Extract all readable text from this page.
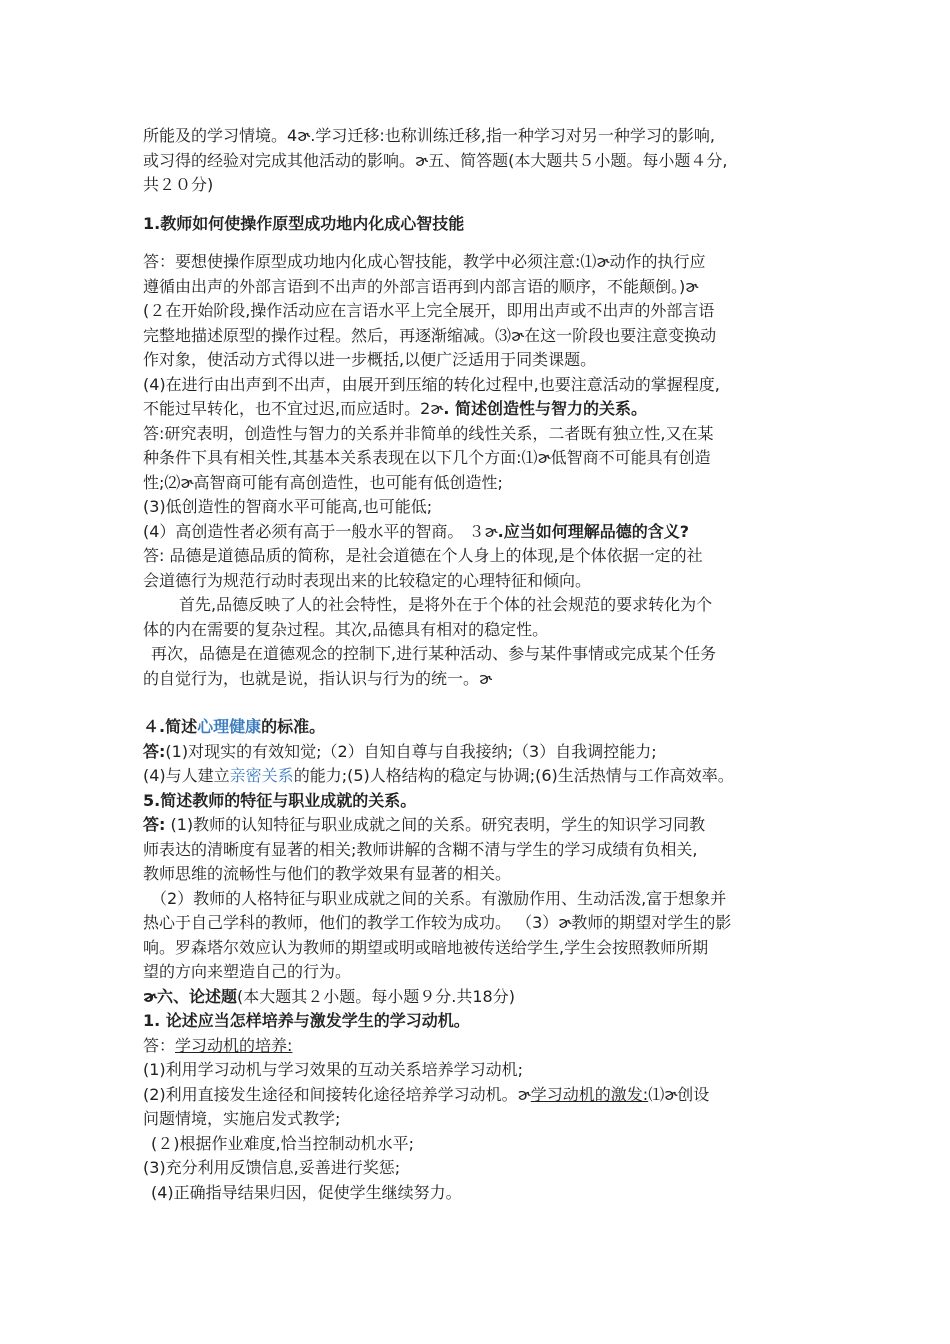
所能及的学习情境。4ɚ.学习迁移:也称训练迁移,指一种学习对另一种学习的影响,

或习得的经验对完成其他活动的影响。ɚ五、简答题(本大题共５小题。每小题４分,

共２０分)

1.教师如何使操作原型成功地内化成心智技能

答：要想使操作原型成功地内化成心智技能，教学中必须注意:⑴ɚ动作的执行应

遵循由出声的外部言语到不出声的外部言语再到内部言语的顺序，不能颠倒。)ɚ

(２在开始阶段,操作活动应在言语水平上完全展开，即用出声或不出声的外部言语

完整地描述原型的操作过程。然后，再逐渐缩减。⑶ɚ在这一阶段也要注意变换动

作对象，使活动方式得以进一步概括,以便广泛适用于同类课题。

(4)在进行由出声到不出声，由展开到压缩的转化过程中,也要注意活动的掌握程度,

不能过早转化，也不宜过迟,而应适时。2ɚ. 简述创造性与智力的关系。

答:研究表明，创造性与智力的关系并非简单的线性关系，二者既有独立性,又在某

种条件下具有相关性,其基本关系表现在以下几个方面:⑴ɚ低智商不可能具有创造

性;⑵ɚ高智商可能有高创造性，也可能有低创造性;

(3)低创造性的智商水平可能高,也可能低;

(4）高创造性者必须有高于一般水平的智商。 ３ɚ.应当如何理解品德的含义?

答: 品德是道德品质的简称，是社会道德在个人身上的体现,是个体依据一定的社

会道德行为规范行动时表现出来的比较稳定的心理特征和倾向。

首先,品德反映了人的社会特性，是将外在于个体的社会规范的要求转化为个

体的内在需要的复杂过程。其次,品德具有相对的稳定性。

再次，品德是在道德观念的控制下,进行某种活动、参与某件事情或完成某个任务

的自觉行为，也就是说，指认识与行为的统一。ɚ

４.简述心理健康的标准。

答:(1)对现实的有效知觉;（2）自知自尊与自我接纳;（3）自我调控能力;

(4)与人建立亲密关系的能力;(5)人格结构的稳定与协调;(6)生活热情与工作高效率。

5.简述教师的特征与职业成就的关系。

答: (1)教师的认知特征与职业成就之间的关系。研究表明，学生的知识学习同教

师表达的清晰度有显著的相关;教师讲解的含糊不清与学生的学习成绩有负相关,

教师思维的流畅性与他们的教学效果有显著的相关。

（2）教师的人格特征与职业成就之间的关系。有激励作用、生动活泼,富于想象并

热心于自己学科的教师，他们的教学工作较为成功。 （3）ɚ教师的期望对学生的影

响。罗森塔尔效应认为教师的期望或明或暗地被传送给学生,学生会按照教师所期

望的方向来塑造自己的行为。

ɚ六、论述题(本大题其２小题。每小题９分.共18分)

1. 论述应当怎样培养与激发学生的学习动机。

答：学习动机的培养:

(1)利用学习动机与学习效果的互动关系培养学习动机;

(2)利用直接发生途径和间接转化途径培养学习动机。ɚ学习动机的激发:⑴ɚ创设

问题情境，实施启发式教学;

(２)根据作业难度,恰当控制动机水平;

(3)充分利用反馈信息,妥善进行奖惩;

(4)正确指导结果归因，促使学生继续努力。
